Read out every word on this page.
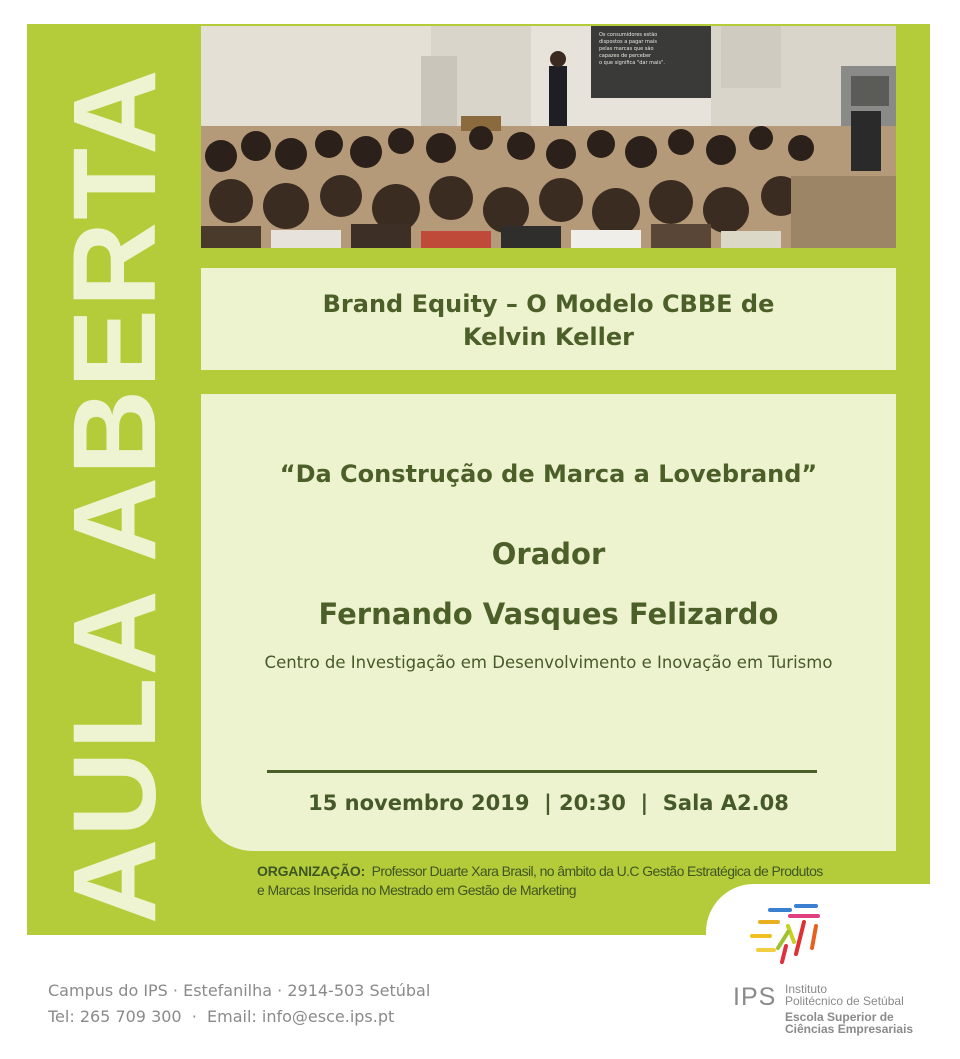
AULA ABERTA
Os consumidores estão dispostos a pagar mais pelas marcas que são capazes de perceber o que significa "dar mais".
Brand Equity – O Modelo CBBE de
Kelvin Keller
“Da Construção de Marca a Lovebrand”
Orador
Fernando Vasques Felizardo
Centro de Investigação em Desenvolvimento e Inovação em Turismo
15 novembro 2019  | 20:30  |  Sala A2.08
ORGANIZAÇÃO: Professor Duarte Xara Brasil, no âmbito da U.C Gestão Estratégica de Produtos e Marcas Inserida no Mestrado em Gestão de Marketing
IPS Instituto
Politécnico de Setúbal
Escola Superior de
Ciências Empresariais
Campus do IPS · Estefanilha · 2914-503 Setúbal
Tel: 265 709 300  ·  Email: info@esce.ips.pt
